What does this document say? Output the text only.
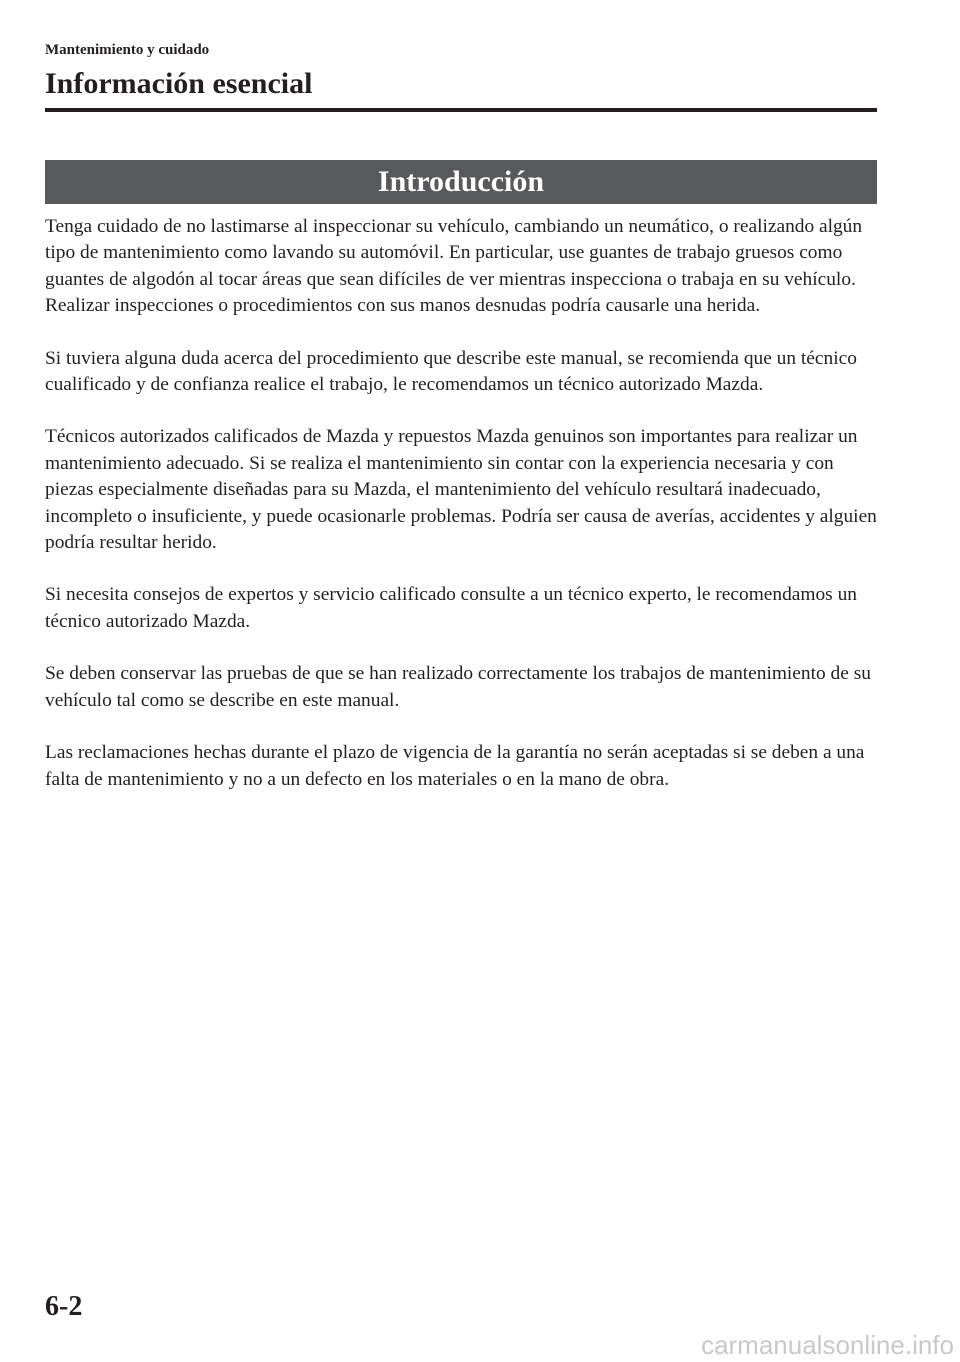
Mantenimiento y cuidado

Información esencial
Introducción

Tenga cuidado de no lastimarse al inspeccionar su vehículo, cambiando un neumático, o realizando algún tipo de mantenimiento como lavando su automóvil. En particular, use guantes de trabajo gruesos como guantes de algodón al tocar áreas que sean difíciles de ver mientras inspecciona o trabaja en su vehículo. Realizar inspecciones o procedimientos con sus manos desnudas podría causarle una herida.

Si tuviera alguna duda acerca del procedimiento que describe este manual, se recomienda que un técnico cualificado y de confianza realice el trabajo, le recomendamos un técnico autorizado Mazda.

Técnicos autorizados calificados de Mazda y repuestos Mazda genuinos son importantes para realizar un mantenimiento adecuado. Si se realiza el mantenimiento sin contar con la experiencia necesaria y con piezas especialmente diseñadas para su Mazda, el mantenimiento del vehículo resultará inadecuado, incompleto o insuficiente, y puede ocasionarle problemas. Podría ser causa de averías, accidentes y alguien podría resultar herido.

Si necesita consejos de expertos y servicio calificado consulte a un técnico experto, le recomendamos un técnico autorizado Mazda.

Se deben conservar las pruebas de que se han realizado correctamente los trabajos de mantenimiento de su vehículo tal como se describe en este manual.

Las reclamaciones hechas durante el plazo de vigencia de la garantía no serán aceptadas si se deben a una falta de mantenimiento y no a un defecto en los materiales o en la mano de obra.

6-2
carmanualsonline.info
